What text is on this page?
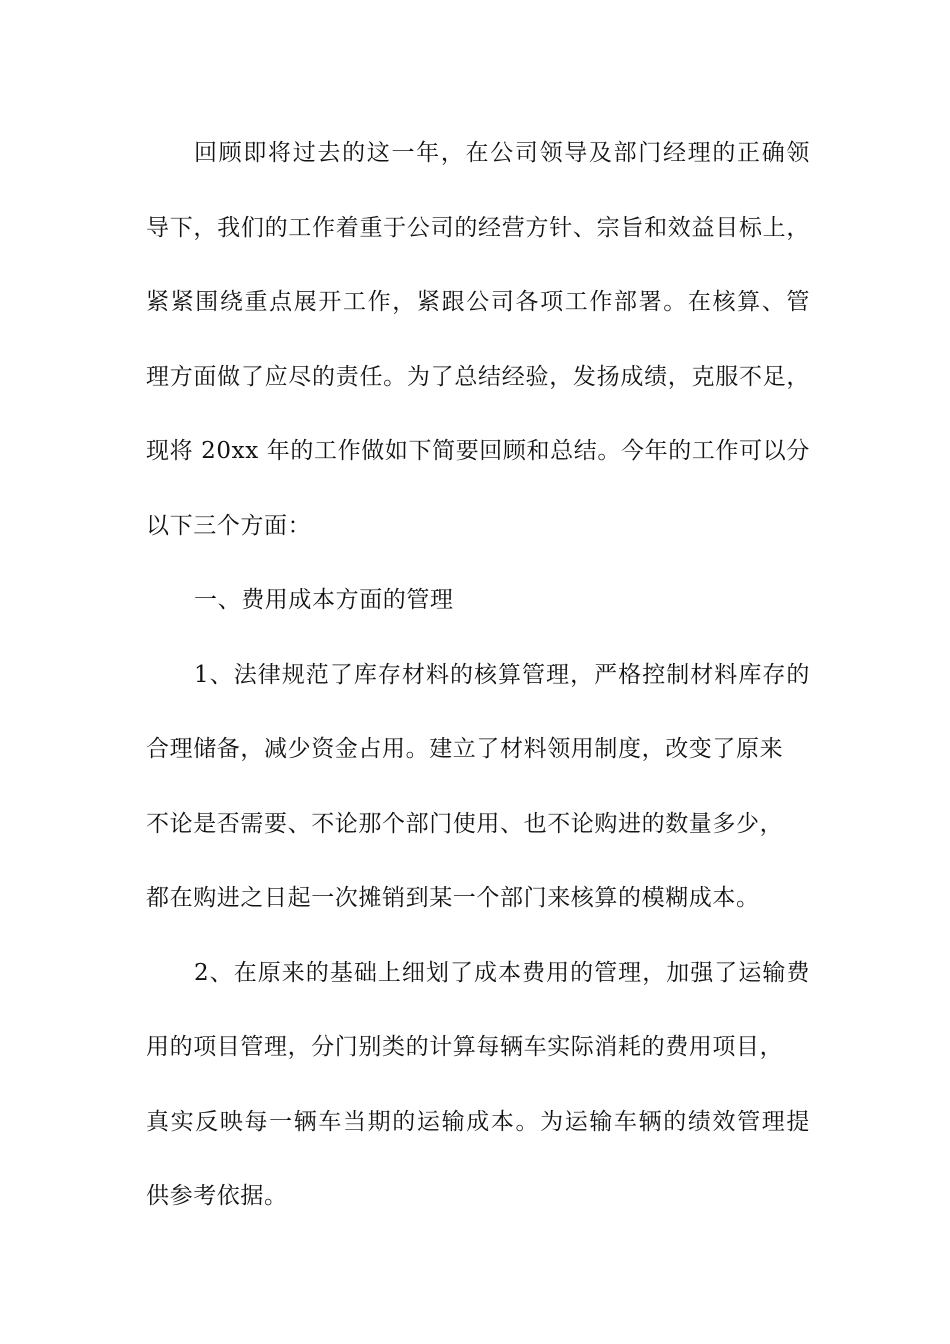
回顾即将过去的这一年，在公司领导及部门经理的正确领
导下，我们的工作着重于公司的经营方针、宗旨和效益目标上，
紧紧围绕重点展开工作，紧跟公司各项工作部署。在核算、管
理方面做了应尽的责任。为了总结经验，发扬成绩，克服不足，
现将 20xx 年的工作做如下简要回顾和总结。今年的工作可以分
以下三个方面：
一、费用成本方面的管理
1、法律规范了库存材料的核算管理，严格控制材料库存的
合理储备，减少资金占用。建立了材料领用制度，改变了原来
不论是否需要、不论那个部门使用、也不论购进的数量多少，
都在购进之日起一次摊销到某一个部门来核算的模糊成本。
2、在原来的基础上细划了成本费用的管理，加强了运输费
用的项目管理，分门别类的计算每辆车实际消耗的费用项目，
真实反映每一辆车当期的运输成本。为运输车辆的绩效管理提
供参考依据。
